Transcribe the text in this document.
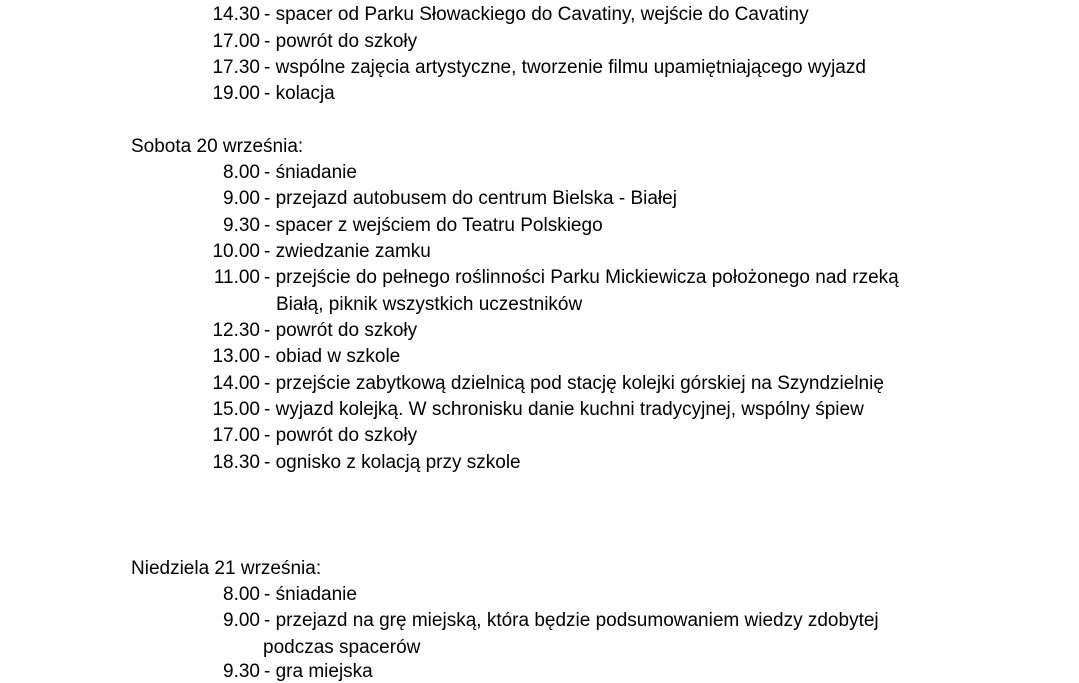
14.30 - spacer od Parku Słowackiego do Cavatiny, wejście do Cavatiny
17.00 - powrót do szkoły
17.30 - wspólne zajęcia artystyczne, tworzenie filmu upamiętniającego wyjazd
19.00 - kolacja
Sobota 20 września:
8.00 - śniadanie
9.00 - przejazd autobusem do centrum Bielska - Białej
9.30 - spacer z wejściem do Teatru Polskiego
10.00 - zwiedzanie zamku
11.00 - przejście do pełnego roślinności Parku Mickiewicza położonego nad rzeką
Białą, piknik wszystkich uczestników
12.30 - powrót do szkoły
13.00 - obiad w szkole
14.00 - przejście zabytkową dzielnicą pod stację kolejki górskiej na Szyndzielnię
15.00 - wyjazd kolejką. W schronisku danie kuchni tradycyjnej, wspólny śpiew
17.00 - powrót do szkoły
18.30 - ognisko z kolacją przy szkole
Niedziela 21 września:
8.00 - śniadanie
9.00 - przejazd na grę miejską, która będzie podsumowaniem wiedzy zdobytej
podczas spacerów
9.30 - gra miejska
